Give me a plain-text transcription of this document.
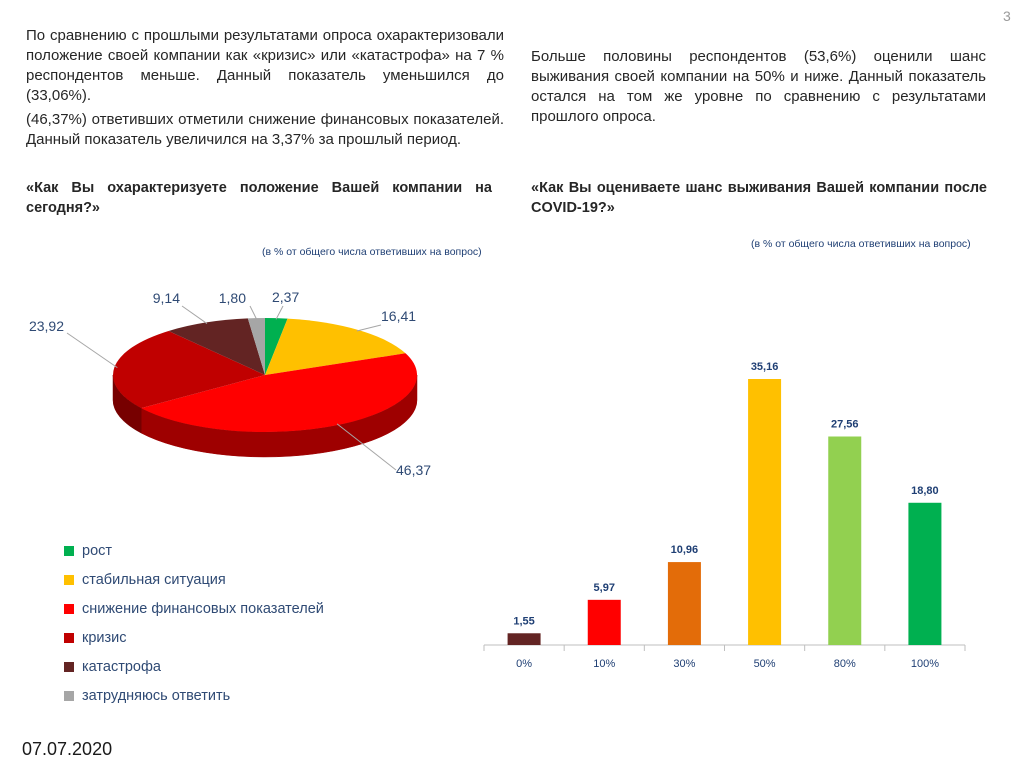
3
По сравнению с прошлыми результатами опроса охарактеризовали положение своей компании как «кризис» или «катастрофа» на 7 % респондентов меньше. Данный показатель уменьшился до (33,06%).
(46,37%) ответивших отметили снижение финансовых показателей. Данный показатель увеличился на 3,37% за прошлый период.
«Как Вы охарактеризуете положение Вашей компании на сегодня?»
(в % от общего числа ответивших на вопрос)
Больше половины респондентов (53,6%) оценили шанс выживания своей компании на 50% и ниже. Данный показатель остался на том же уровне по сравнению с результатами прошлого опроса.
«Как Вы оцениваете шанс выживания Вашей компании после COVID-19?»
(в % от общего числа ответивших на вопрос)
2,37
16,41
46,37
23,92
9,14	1,80
рост
стабильная ситуация
снижение финансовых показателей
кризис
катастрофа
затрудняюсь ответить
1,55
5,97
10,96
35,16
27,56
18,80
0%	10%	30%	50%	80%	100%
07.07.2020
